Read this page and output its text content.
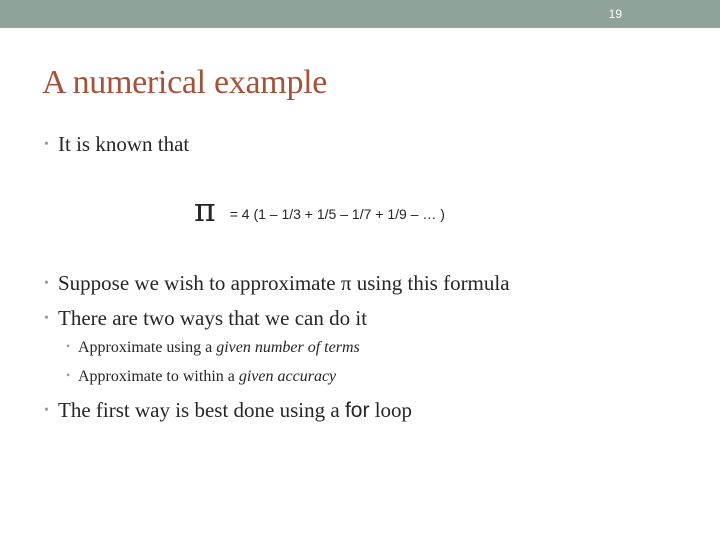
19
A numerical example
• It is known that
π = 4 (1 – 1/3 + 1/5 – 1/7 + 1/9 – … )
• Suppose we wish to approximate π using this formula
• There are two ways that we can do it
• Approximate using a given number of terms
• Approximate to within a given accuracy
• The first way is best done using a for loop
